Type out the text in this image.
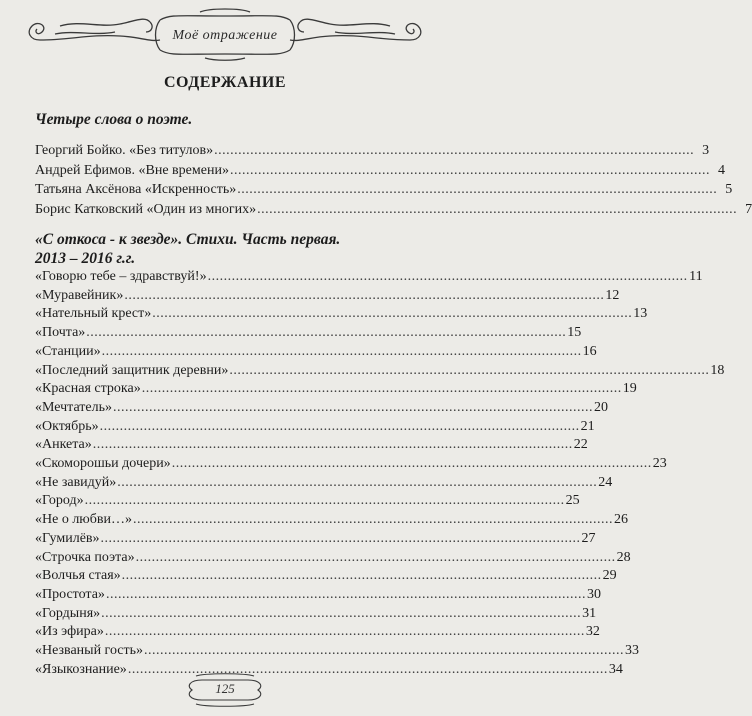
Моё отражение
СОДЕРЖАНИЕ
Четыре слова о поэте.
Георгий Бойко. «Без титулов» ........................................................................................................................ 3
Андрей Ефимов. «Вне времени» ........................................................................................................................ 4
Татьяна Аксёнова «Искренность» ........................................................................................................................ 5
Борис Катковский «Один из многих» ........................................................................................................................ 7
«С откоса - к звезде». Стихи. Часть первая.
2013 – 2016 г.г.
«Говорю тебе – здравствуй!» ........................................................................................................................ 11
«Муравейник» ........................................................................................................................ 12
«Нательный крест» ........................................................................................................................ 13
«Почта» ........................................................................................................................ 15
«Станции» ........................................................................................................................ 16
«Последний защитник деревни» ........................................................................................................................ 18
«Красная строка» ........................................................................................................................ 19
«Мечтатель» ........................................................................................................................ 20
«Октябрь» ........................................................................................................................ 21
«Анкета» ........................................................................................................................ 22
«Скоморошьи дочери» ........................................................................................................................ 23
«Не завидуй» ........................................................................................................................ 24
«Город» ........................................................................................................................ 25
«Не о любви…» ........................................................................................................................ 26
«Гумилёв» ........................................................................................................................ 27
«Строчка поэта» ........................................................................................................................ 28
«Волчья стая» ........................................................................................................................ 29
«Простота» ........................................................................................................................ 30
«Гордыня» ........................................................................................................................ 31
«Из эфира» ........................................................................................................................ 32
«Незваный гость» ........................................................................................................................ 33
«Языкознание» ........................................................................................................................ 34
125
